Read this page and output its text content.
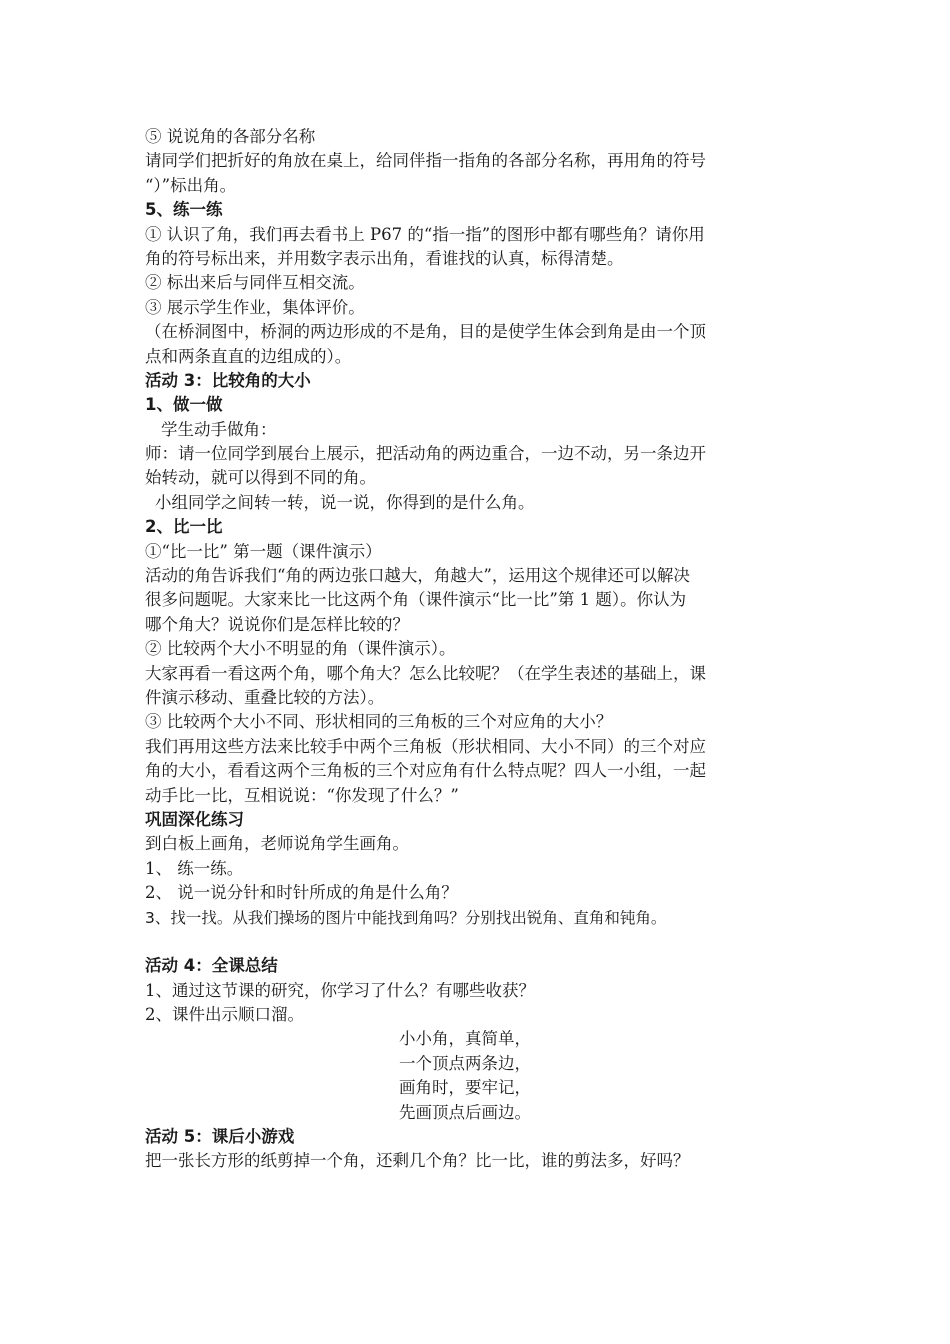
⑤ 说说角的各部分名称
请同学们把折好的角放在桌上，给同伴指一指角的各部分名称，再用角的符号
“）”标出角。
5、练一练
① 认识了角，我们再去看书上 P67 的“指一指”的图形中都有哪些角？请你用
角的符号标出来，并用数字表示出角，看谁找的认真，标得清楚。
② 标出来后与同伴互相交流。
③ 展示学生作业，集体评价。
（在桥洞图中，桥洞的两边形成的不是角，目的是使学生体会到角是由一个顶
点和两条直直的边组成的）。
活动 3：比较角的大小
1、做一做
学生动手做角：
师：请一位同学到展台上展示，把活动角的两边重合，一边不动，另一条边开
始转动，就可以得到不同的角。
小组同学之间转一转，说一说，你得到的是什么角。
2、比一比
①“比一比” 第一题（课件演示）
活动的角告诉我们“角的两边张口越大，角越大”，运用这个规律还可以解决
很多问题呢。大家来比一比这两个角（课件演示“比一比”第 1 题）。你认为
哪个角大？说说你们是怎样比较的？
② 比较两个大小不明显的角（课件演示）。
大家再看一看这两个角，哪个角大？怎么比较呢？（在学生表述的基础上，课
件演示移动、重叠比较的方法）。
③ 比较两个大小不同、形状相同的三角板的三个对应角的大小？
我们再用这些方法来比较手中两个三角板（形状相同、大小不同）的三个对应
角的大小，看看这两个三角板的三个对应角有什么特点呢？四人一小组，一起
动手比一比，互相说说：“你发现了什么？”
巩固深化练习
到白板上画角，老师说角学生画角。
1、 练一练。
2、 说一说分针和时针所成的角是什么角？
3、找一找。从我们操场的图片中能找到角吗？分别找出锐角、直角和钝角。
活动 4：全课总结
1、通过这节课的研究，你学习了什么？有哪些收获？
2、课件出示顺口溜。
小小角，真简单，
一个顶点两条边，
画角时，要牢记，
先画顶点后画边。
活动 5：课后小游戏
把一张长方形的纸剪掉一个角，还剩几个角？比一比，谁的剪法多，好吗？
